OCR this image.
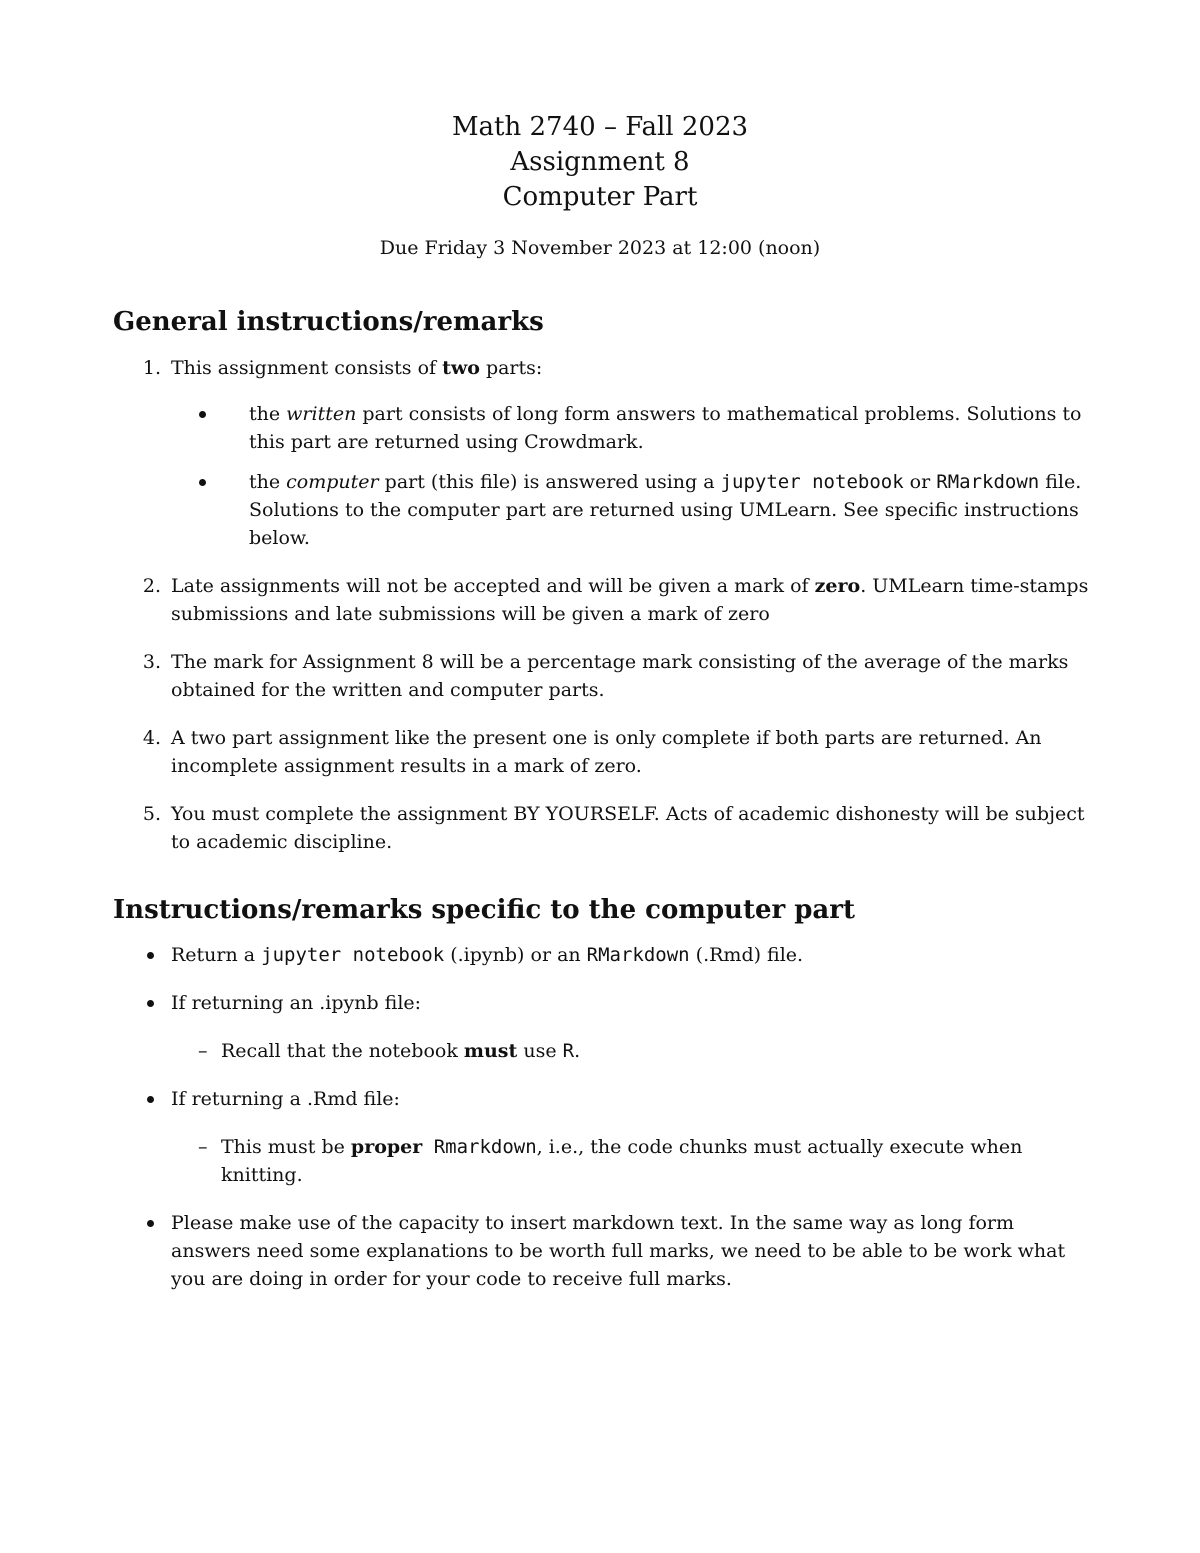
Math 2740 – Fall 2023

Assignment 8

Computer Part

Due Friday 3 November 2023 at 12:00 (noon)
General instructions/remarks
1. This assignment consists of two parts:
the written part consists of long form answers to mathematical problems. Solutions to this part are returned using Crowdmark.
the computer part (this file) is answered using a jupyter notebook or RMarkdown file. Solutions to the computer part are returned using UMLearn. See specific instructions below.
2. Late assignments will not be accepted and will be given a mark of zero. UMLearn time-stamps submissions and late submissions will be given a mark of zero
3. The mark for Assignment 8 will be a percentage mark consisting of the average of the marks obtained for the written and computer parts.
4. A two part assignment like the present one is only complete if both parts are returned. An incomplete assignment results in a mark of zero.
5. You must complete the assignment BY YOURSELF. Acts of academic dishonesty will be subject to academic discipline.
Instructions/remarks specific to the computer part
Return a jupyter notebook (.ipynb) or an RMarkdown (.Rmd) file.
If returning an .ipynb file:
– Recall that the notebook must use R.
If returning a .Rmd file:
– This must be proper Rmarkdown, i.e., the code chunks must actually execute when knitting.
Please make use of the capacity to insert markdown text. In the same way as long form answers need some explanations to be worth full marks, we need to be able to be work what you are doing in order for your code to receive full marks.
